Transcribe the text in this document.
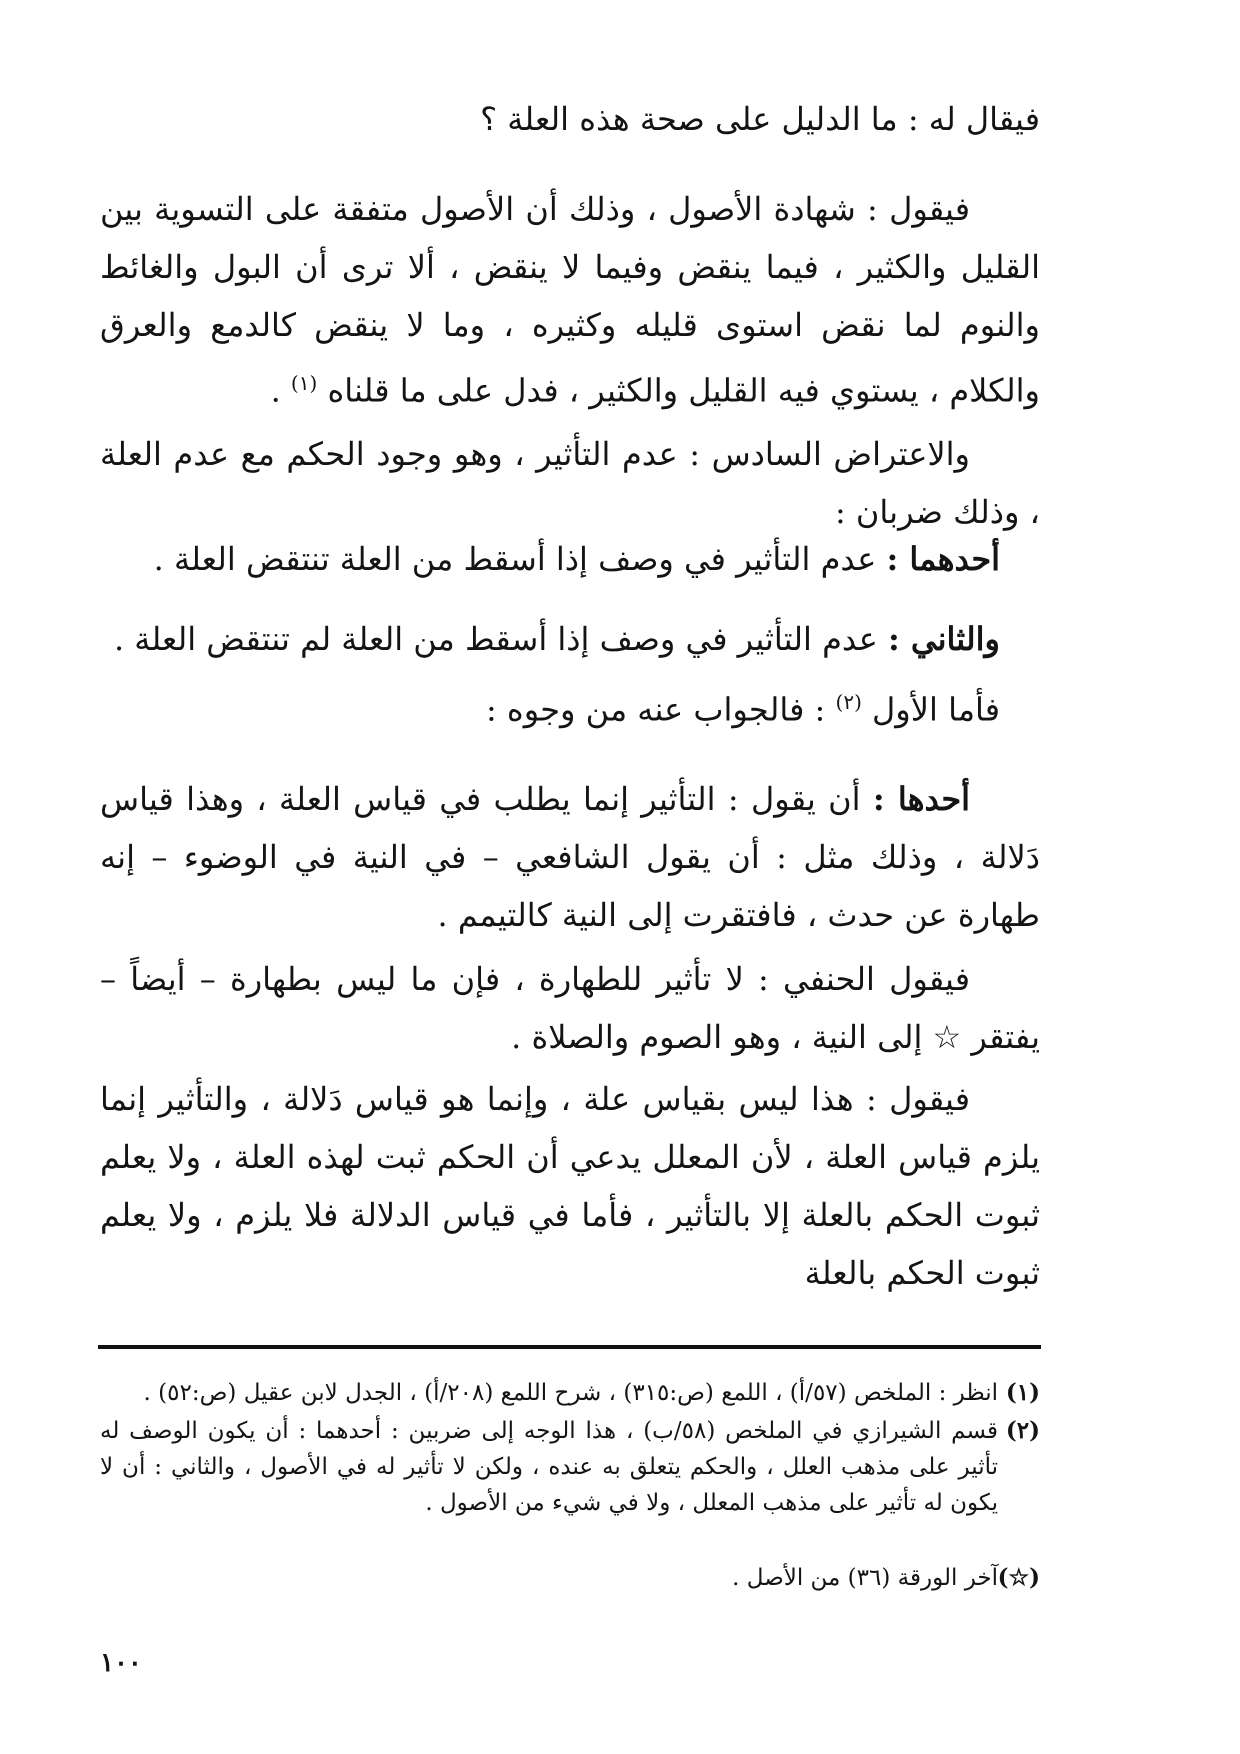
فيقال له : ما الدليل على صحة هذه العلة ؟
فيقول : شهادة الأصول ، وذلك أن الأصول متفقة على التسوية بين القليل والكثير ، فيما ينقض وفيما لا ينقض ، ألا ترى أن البول والغائط والنوم لما نقض استوى قليله وكثيره ، وما لا ينقض كالدمع والعرق والكلام ، يستوي فيه القليل والكثير ، فدل على ما قلناه $^{(١)}$ .
والاعتراض السادس : عدم التأثير ، وهو وجود الحكم مع عدم العلة ، وذلك ضربان :
أحدهما : عدم التأثير في وصف إذا أسقط من العلة تنتقض العلة .
والثاني : عدم التأثير في وصف إذا أسقط من العلة لم تنتقض العلة .
فأما الأول $^{(٢)}$ : فالجواب عنه من وجوه :
أحدها : أن يقول : التأثير إنما يطلب في قياس العلة ، وهذا قياس دَلالة ، وذلك مثل : أن يقول الشافعي – في النية في الوضوء – إنه طهارة عن حدث ، فافتقرت إلى النية كالتيمم .
فيقول الحنفي : لا تأثير للطهارة ، فإن ما ليس بطهارة – أيضاً – يفتقر ☆ إلى النية ، وهو الصوم والصلاة .
فيقول : هذا ليس بقياس علة ، وإنما هو قياس دَلالة ، والتأثير إنما يلزم قياس العلة ، لأن المعلل يدعي أن الحكم ثبت لهذه العلة ، ولا يعلم ثبوت الحكم بالعلة إلا بالتأثير ، فأما في قياس الدلالة فلا يلزم ، ولا يعلم ثبوت الحكم بالعلة
(١)انظر : الملخص (٥٧/أ) ، اللمع (ص:٣١٥) ، شرح اللمع (٢٠٨/أ) ، الجدل لابن عقيل (ص:٥٢) .
(٢)
قسم الشيرازي في الملخص (٥٨/ب) ، هذا الوجه إلى ضربين : أحدهما : أن يكون الوصف له تأثير على مذهب العلل ، والحكم يتعلق به عنده ، ولكن لا تأثير له في الأصول ، والثاني : أن لا يكون له تأثير على مذهب المعلل ، ولا في شيء من الأصول .
(☆)آخر الورقة (٣٦) من الأصل .
١٠٠
